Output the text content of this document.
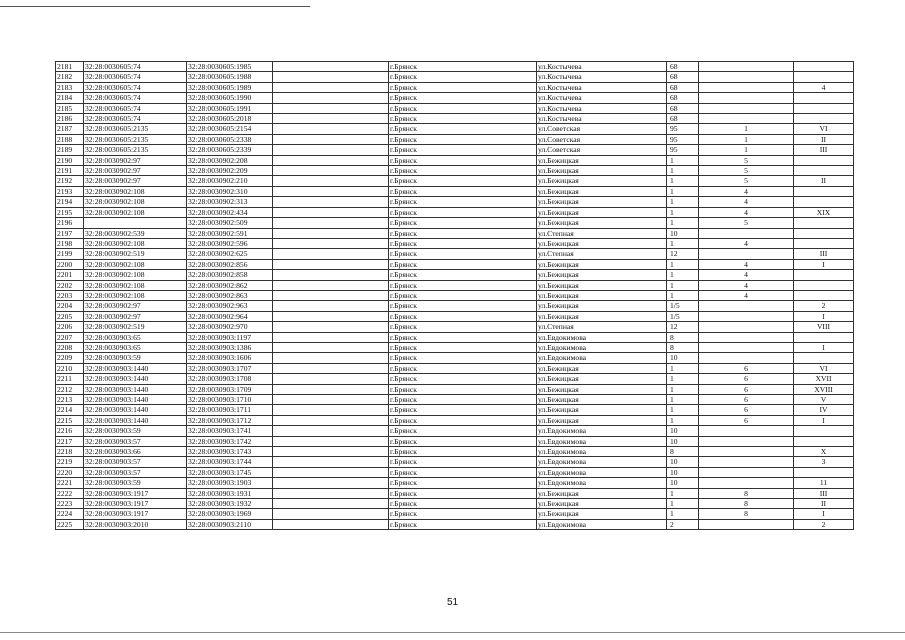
2181	32:28:0030605:74	32:28:0030605:1985		г.Брянск	ул.Костычева	68		
2182	32:28:0030605:74	32:28:0030605:1988		г.Брянск	ул.Костычева	68		
2183	32:28:0030605:74	32:28:0030605:1989		г.Брянск	ул.Костычева	68		4
2184	32:28:0030605:74	32:28:0030605:1990		г.Брянск	ул.Костычева	68		
2185	32:28:0030605:74	32:28:0030605:1991		г.Брянск	ул.Костычева	68		
2186	32:28:0030605:74	32:28:0030605:2018		г.Брянск	ул.Костычева	68		
2187	32:28:0030605:2135	32:28:0030605:2154		г.Брянск	ул.Советская	95	1	VI
2188	32:28:0030605:2135	32:28:0030605:2338		г.Брянск	ул.Советская	95	1	II
2189	32:28:0030605:2135	32:28:0030605:2339		г.Брянск	ул.Советская	95	1	III
2190	32:28:0030902:97	32:28:0030902:208		г.Брянск	ул.Бежицкая	1	5	
2191	32:28:0030902:97	32:28:0030902:209		г.Брянск	ул.Бежицкая	1	5	
2192	32:28:0030902:97	32:28:0030902:210		г.Брянск	ул.Бежицкая	1	5	II
2193	32:28:0030902:108	32:28:0030902:310		г.Брянск	ул.Бежицкая	1	4	
2194	32:28:0030902:108	32:28:0030902:313		г.Брянск	ул.Бежицкая	1	4	
2195	32:28:0030902:108	32:28:0030902:434		г.Брянск	ул.Бежицкая	1	4	XIX
2196		32:28:0030902:509		г.Брянск	ул.Бежицкая	1	5	
2197	32:28:0030902:539	32:28:0030902:591		г.Брянск	ул.Степная	10		
2198	32:28:0030902:108	32:28:0030902:596		г.Брянск	ул.Бежицкая	1	4	
2199	32:28:0030902:519	32:28:0030902:625		г.Брянск	ул.Степная	12		III
2200	32:28:0030902:108	32:28:0030902:856		г.Брянск	ул.Бежицкая	1	4	I
2201	32:28:0030902:108	32:28:0030902:858		г.Брянск	ул.Бежицкая	1	4	
2202	32:28:0030902:108	32:28:0030902:862		г.Брянск	ул.Бежицкая	1	4	
2203	32:28:0030902:108	32:28:0030902:863		г.Брянск	ул.Бежицкая	1	4	
2204	32:28:0030902:97	32:28:0030902:963		г.Брянск	ул.Бежицкая	1/5		2
2205	32:28:0030902:97	32:28:0030902:964		г.Брянск	ул.Бежицкая	1/5		I
2206	32:28:0030902:519	32:28:0030902:970		г.Брянск	ул.Степная	12		VIII
2207	32:28:0030903:65	32:28:0030903:1197		г.Брянск	ул.Евдокимова	8		
2208	32:28:0030903:65	32:28:0030903:1386		г.Брянск	ул.Евдокимова	8		I
2209	32:28:0030903:59	32:28:0030903:1606		г.Брянск	ул.Евдокимова	10		
2210	32:28:0030903:1440	32:28:0030903:1707		г.Брянск	ул.Бежицкая	1	6	VI
2211	32:28:0030903:1440	32:28:0030903:1708		г.Брянск	ул.Бежицкая	1	6	XVII
2212	32:28:0030903:1440	32:28:0030903:1709		г.Брянск	ул.Бежицкая	1	6	XVIII
2213	32:28:0030903:1440	32:28:0030903:1710		г.Брянск	ул.Бежицкая	1	6	V
2214	32:28:0030903:1440	32:28:0030903:1711		г.Брянск	ул.Бежицкая	1	6	IV
2215	32:28:0030903:1440	32:28:0030903:1712		г.Брянск	ул.Бежицкая	1	6	I
2216	32:28:0030903:59	32:28:0030903:1741		г.Брянск	ул.Евдокимова	10		
2217	32:28:0030903:57	32:28:0030903:1742		г.Брянск	ул.Евдокимова	10		
2218	32:28:0030903:66	32:28:0030903:1743		г.Брянск	ул.Евдокимова	8		X
2219	32:28:0030903:57	32:28:0030903:1744		г.Брянск	ул.Евдокимова	10		3
2220	32:28:0030903:57	32:28:0030903:1745		г.Брянск	ул.Евдокимова	10		
2221	32:28:0030903:59	32:28:0030903:1903		г.Брянск	ул.Евдокимова	10		11
2222	32:28:0030903:1917	32:28:0030903:1931		г.Брянск	ул.Бежицкая	1	8	III
2223	32:28:0030903:1917	32:28:0030903:1932		г.Брянск	ул.Бежицкая	1	8	II
2224	32:28:0030903:1917	32:28:0030903:1969		г.Брянск	ул.Бежицкая	1	8	I
2225	32:28:0030903:2010	32:28:0030903:2110		г.Брянск	ул.Евдокимова	2		2
51
